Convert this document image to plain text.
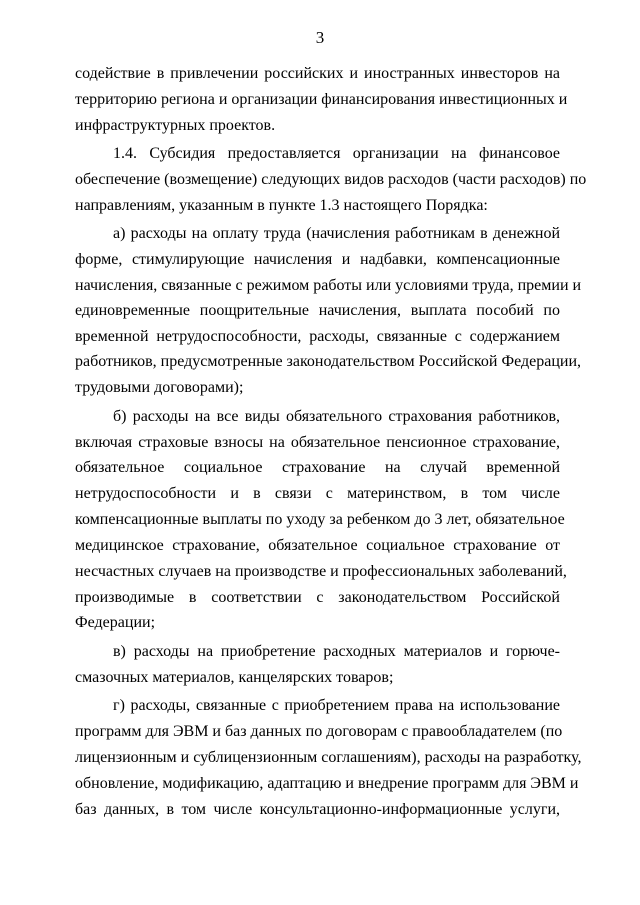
3
содействие в привлечении российских и иностранных инвесторов на
территорию региона и организации финансирования инвестиционных и
инфраструктурных проектов.
1.4. Субсидия предоставляется организации на финансовое
обеспечение (возмещение) следующих видов расходов (части расходов) по
направлениям, указанным в пункте 1.3 настоящего Порядка:
а) расходы на оплату труда (начисления работникам в денежной
форме, стимулирующие начисления и надбавки, компенсационные
начисления, связанные с режимом работы или условиями труда, премии и
единовременные поощрительные начисления, выплата пособий по
временной нетрудоспособности, расходы, связанные с содержанием
работников, предусмотренные законодательством Российской Федерации,
трудовыми договорами);
б) расходы на все виды обязательного страхования работников,
включая страховые взносы на обязательное пенсионное страхование,
обязательное социальное страхование на случай временной
нетрудоспособности и в связи с материнством, в том числе
компенсационные выплаты по уходу за ребенком до 3 лет, обязательное
медицинское страхование, обязательное социальное страхование от
несчастных случаев на производстве и профессиональных заболеваний,
производимые в соответствии с законодательством Российской
Федерации;
в) расходы на приобретение расходных материалов и горюче-
смазочных материалов, канцелярских товаров;
г) расходы, связанные с приобретением права на использование
программ для ЭВМ и баз данных по договорам с правообладателем (по
лицензионным и сублицензионным соглашениям), расходы на разработку,
обновление, модификацию, адаптацию и внедрение программ для ЭВМ и
баз данных, в том числе консультационно-информационные услуги,
